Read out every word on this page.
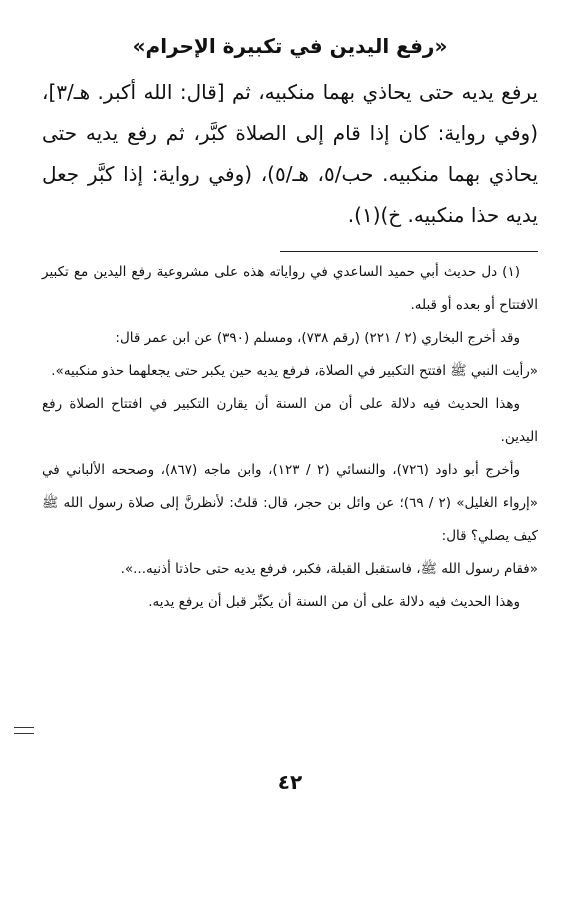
«رفع اليدين في تكبيرة الإحرام»

يرفع يديه حتى يحاذي بهما منكبيه، ثم [قال: الله أكبر. هـ/٣]، (وفي رواية: كان إذا قام إلى الصلاة كبَّر، ثم رفع يديه حتى يحاذي بهما منكبيه. حب/٥، هـ/٥)، (وفي رواية: إذا كبَّر جعل يديه حذا منكبيه. خ)(١).

(١) دل حديث أبي حميد الساعدي في رواياته هذه على مشروعية رفع اليدين مع تكبير الافتتاح أو بعده أو قبله.

وقد أخرج البخاري (٢ / ٢٢١) (رقم ٧٣٨)، ومسلم (٣٩٠) عن ابن عمر قال:

«رأيت النبي ﷺ افتتح التكبير في الصلاة، فرفع يديه حين يكبر حتى يجعلهما حذو منكبيه».

وهذا الحديث فيه دلالة على أن من السنة أن يقارن التكبير في افتتاح الصلاة رفع اليدين.

وأخرج أبو داود (٧٢٦)، والنسائي (٢ / ١٢٣)، وابن ماجه (٨٦٧)، وصححه الألباني في «إرواء الغليل» (٢ / ٦٩)؛ عن وائل بن حجر، قال: قلتُ: لأنظرنَّ إلى صلاة رسول الله ﷺ كيف يصلي؟ قال:

«فقام رسول الله ﷺ، فاستقبل القبلة، فكبر، فرفع يديه حتى حاذتا أذنيه...».

وهذا الحديث فيه دلالة على أن من السنة أن يكبِّر قبل أن يرفع يديه.

٤٢
